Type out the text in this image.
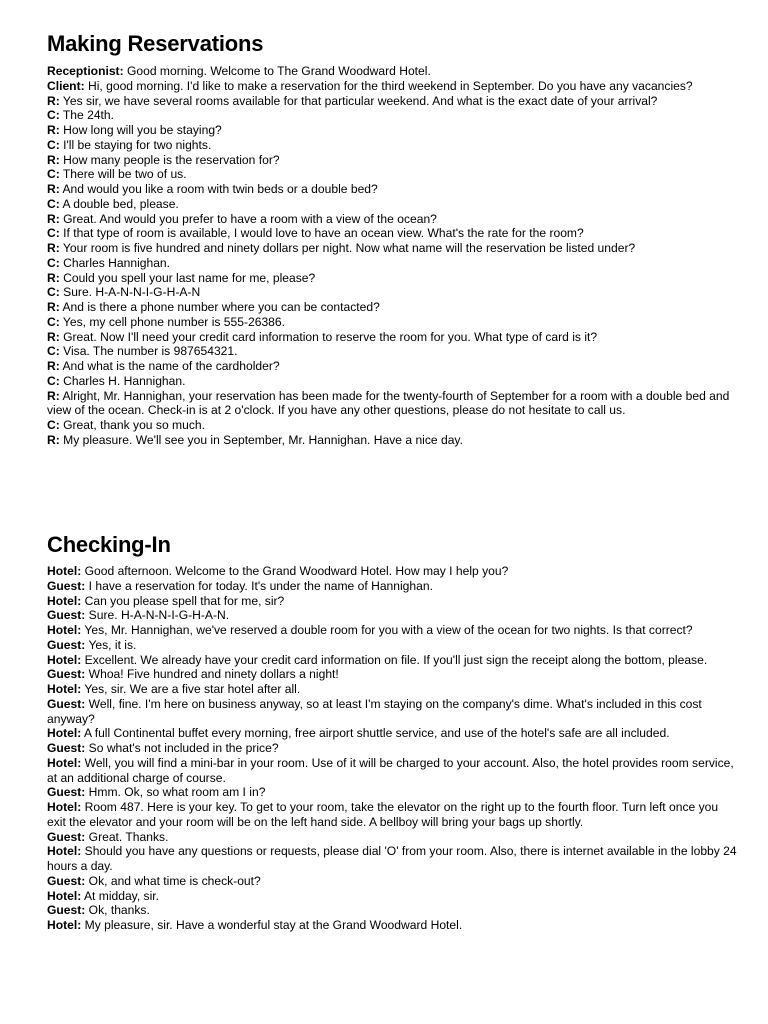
Making Reservations

Receptionist: Good morning. Welcome to The Grand Woodward Hotel.

Client: Hi, good morning. I'd like to make a reservation for the third weekend in September. Do you have any vacancies?

R: Yes sir, we have several rooms available for that particular weekend. And what is the exact date of your arrival?

C: The 24th.

R: How long will you be staying?

C: I'll be staying for two nights.

R: How many people is the reservation for?

C: There will be two of us.

R: And would you like a room with twin beds or a double bed?

C: A double bed, please.

R: Great. And would you prefer to have a room with a view of the ocean?

C: If that type of room is available, I would love to have an ocean view. What's the rate for the room?

R: Your room is five hundred and ninety dollars per night. Now what name will the reservation be listed under?

C: Charles Hannighan.

R: Could you spell your last name for me, please?

C: Sure. H-A-N-N-I-G-H-A-N

R: And is there a phone number where you can be contacted?

C: Yes, my cell phone number is 555-26386.

R: Great. Now I'll need your credit card information to reserve the room for you. What type of card is it?

C: Visa. The number is 987654321.

R: And what is the name of the cardholder?

C: Charles H. Hannighan.

R: Alright, Mr. Hannighan, your reservation has been made for the twenty-fourth of September for a room with a double bed and view of the ocean. Check-in is at 2 o'clock. If you have any other questions, please do not hesitate to call us.

C: Great, thank you so much.

R: My pleasure. We'll see you in September, Mr. Hannighan. Have a nice day.

Checking-In

Hotel: Good afternoon. Welcome to the Grand Woodward Hotel. How may I help you?

Guest: I have a reservation for today. It's under the name of Hannighan.

Hotel: Can you please spell that for me, sir?

Guest: Sure. H-A-N-N-I-G-H-A-N.

Hotel: Yes, Mr. Hannighan, we've reserved a double room for you with a view of the ocean for two nights. Is that correct?

Guest: Yes, it is.

Hotel: Excellent. We already have your credit card information on file. If you'll just sign the receipt along the bottom, please.

Guest: Whoa! Five hundred and ninety dollars a night!

Hotel: Yes, sir. We are a five star hotel after all.

Guest: Well, fine. I'm here on business anyway, so at least I'm staying on the company's dime. What's included in this cost anyway?

Hotel: A full Continental buffet every morning, free airport shuttle service, and use of the hotel's safe are all included.

Guest: So what's not included in the price?

Hotel: Well, you will find a mini-bar in your room. Use of it will be charged to your account. Also, the hotel provides room service, at an additional charge of course.

Guest: Hmm. Ok, so what room am I in?

Hotel: Room 487. Here is your key. To get to your room, take the elevator on the right up to the fourth floor. Turn left once you exit the elevator and your room will be on the left hand side. A bellboy will bring your bags up shortly.

Guest: Great. Thanks.

Hotel: Should you have any questions or requests, please dial 'O' from your room. Also, there is internet available in the lobby 24 hours a day.

Guest: Ok, and what time is check-out?

Hotel: At midday, sir.

Guest: Ok, thanks.

Hotel: My pleasure, sir. Have a wonderful stay at the Grand Woodward Hotel.
